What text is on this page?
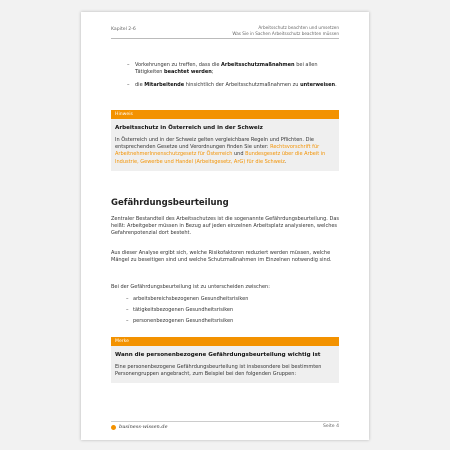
Kapitel 2-6	Arbeitsschutz beachten und umsetzen
Was Sie in Sachen Arbeitsschutz beachten müssen
– Vorkehrungen zu treffen, dass die Arbeitsschutzmaßnahmen bei allen Tätigkeiten beachtet werden;
– die Mitarbeitende hinsichtlich der Arbeitsschutzmaßnahmen zu unterweisen.
Hinweis
Arbeitsschutz in Österreich und in der Schweiz
In Österreich und in der Schweiz gelten vergleichbare Regeln und Pflichten. Die entsprechenden Gesetze und Verordnungen finden Sie unter: Rechtsvorschrift für ArbeitnehmerInnenschutzgesetz für Österreich und Bundesgesetz über die Arbeit in Industrie, Gewerbe und Handel (Arbeitsgesetz, ArG) für die Schweiz.
Gefährdungsbeurteilung
Zentraler Bestandteil des Arbeitsschutzes ist die sogenannte Gefährdungsbeurteilung. Das heißt: Arbeitgeber müssen in Bezug auf jeden einzelnen Arbeitsplatz analysieren, welches Gefahrenpotenzial dort besteht.
Aus dieser Analyse ergibt sich, welche Risikofaktoren reduziert werden müssen, welche Mängel zu beseitigen sind und welche Schutzmaßnahmen im Einzelnen notwendig sind.
Bei der Gefährdungsbeurteilung ist zu unterscheiden zwischen:
– arbeitsbereichsbezogenen Gesundheitsrisiken
– tätigkeitsbezogenen Gesundheitsrisiken
– personenbezogenen Gesundheitsrisiken
Merke
Wann die personenbezogene Gefährdungsbeurteilung wichtig ist
Eine personenbezogene Gefährdungsbeurteilung ist insbesondere bei bestimmten Personengruppen angebracht, zum Beispiel bei den folgenden Gruppen:
business-wissen.de	Seite 4
